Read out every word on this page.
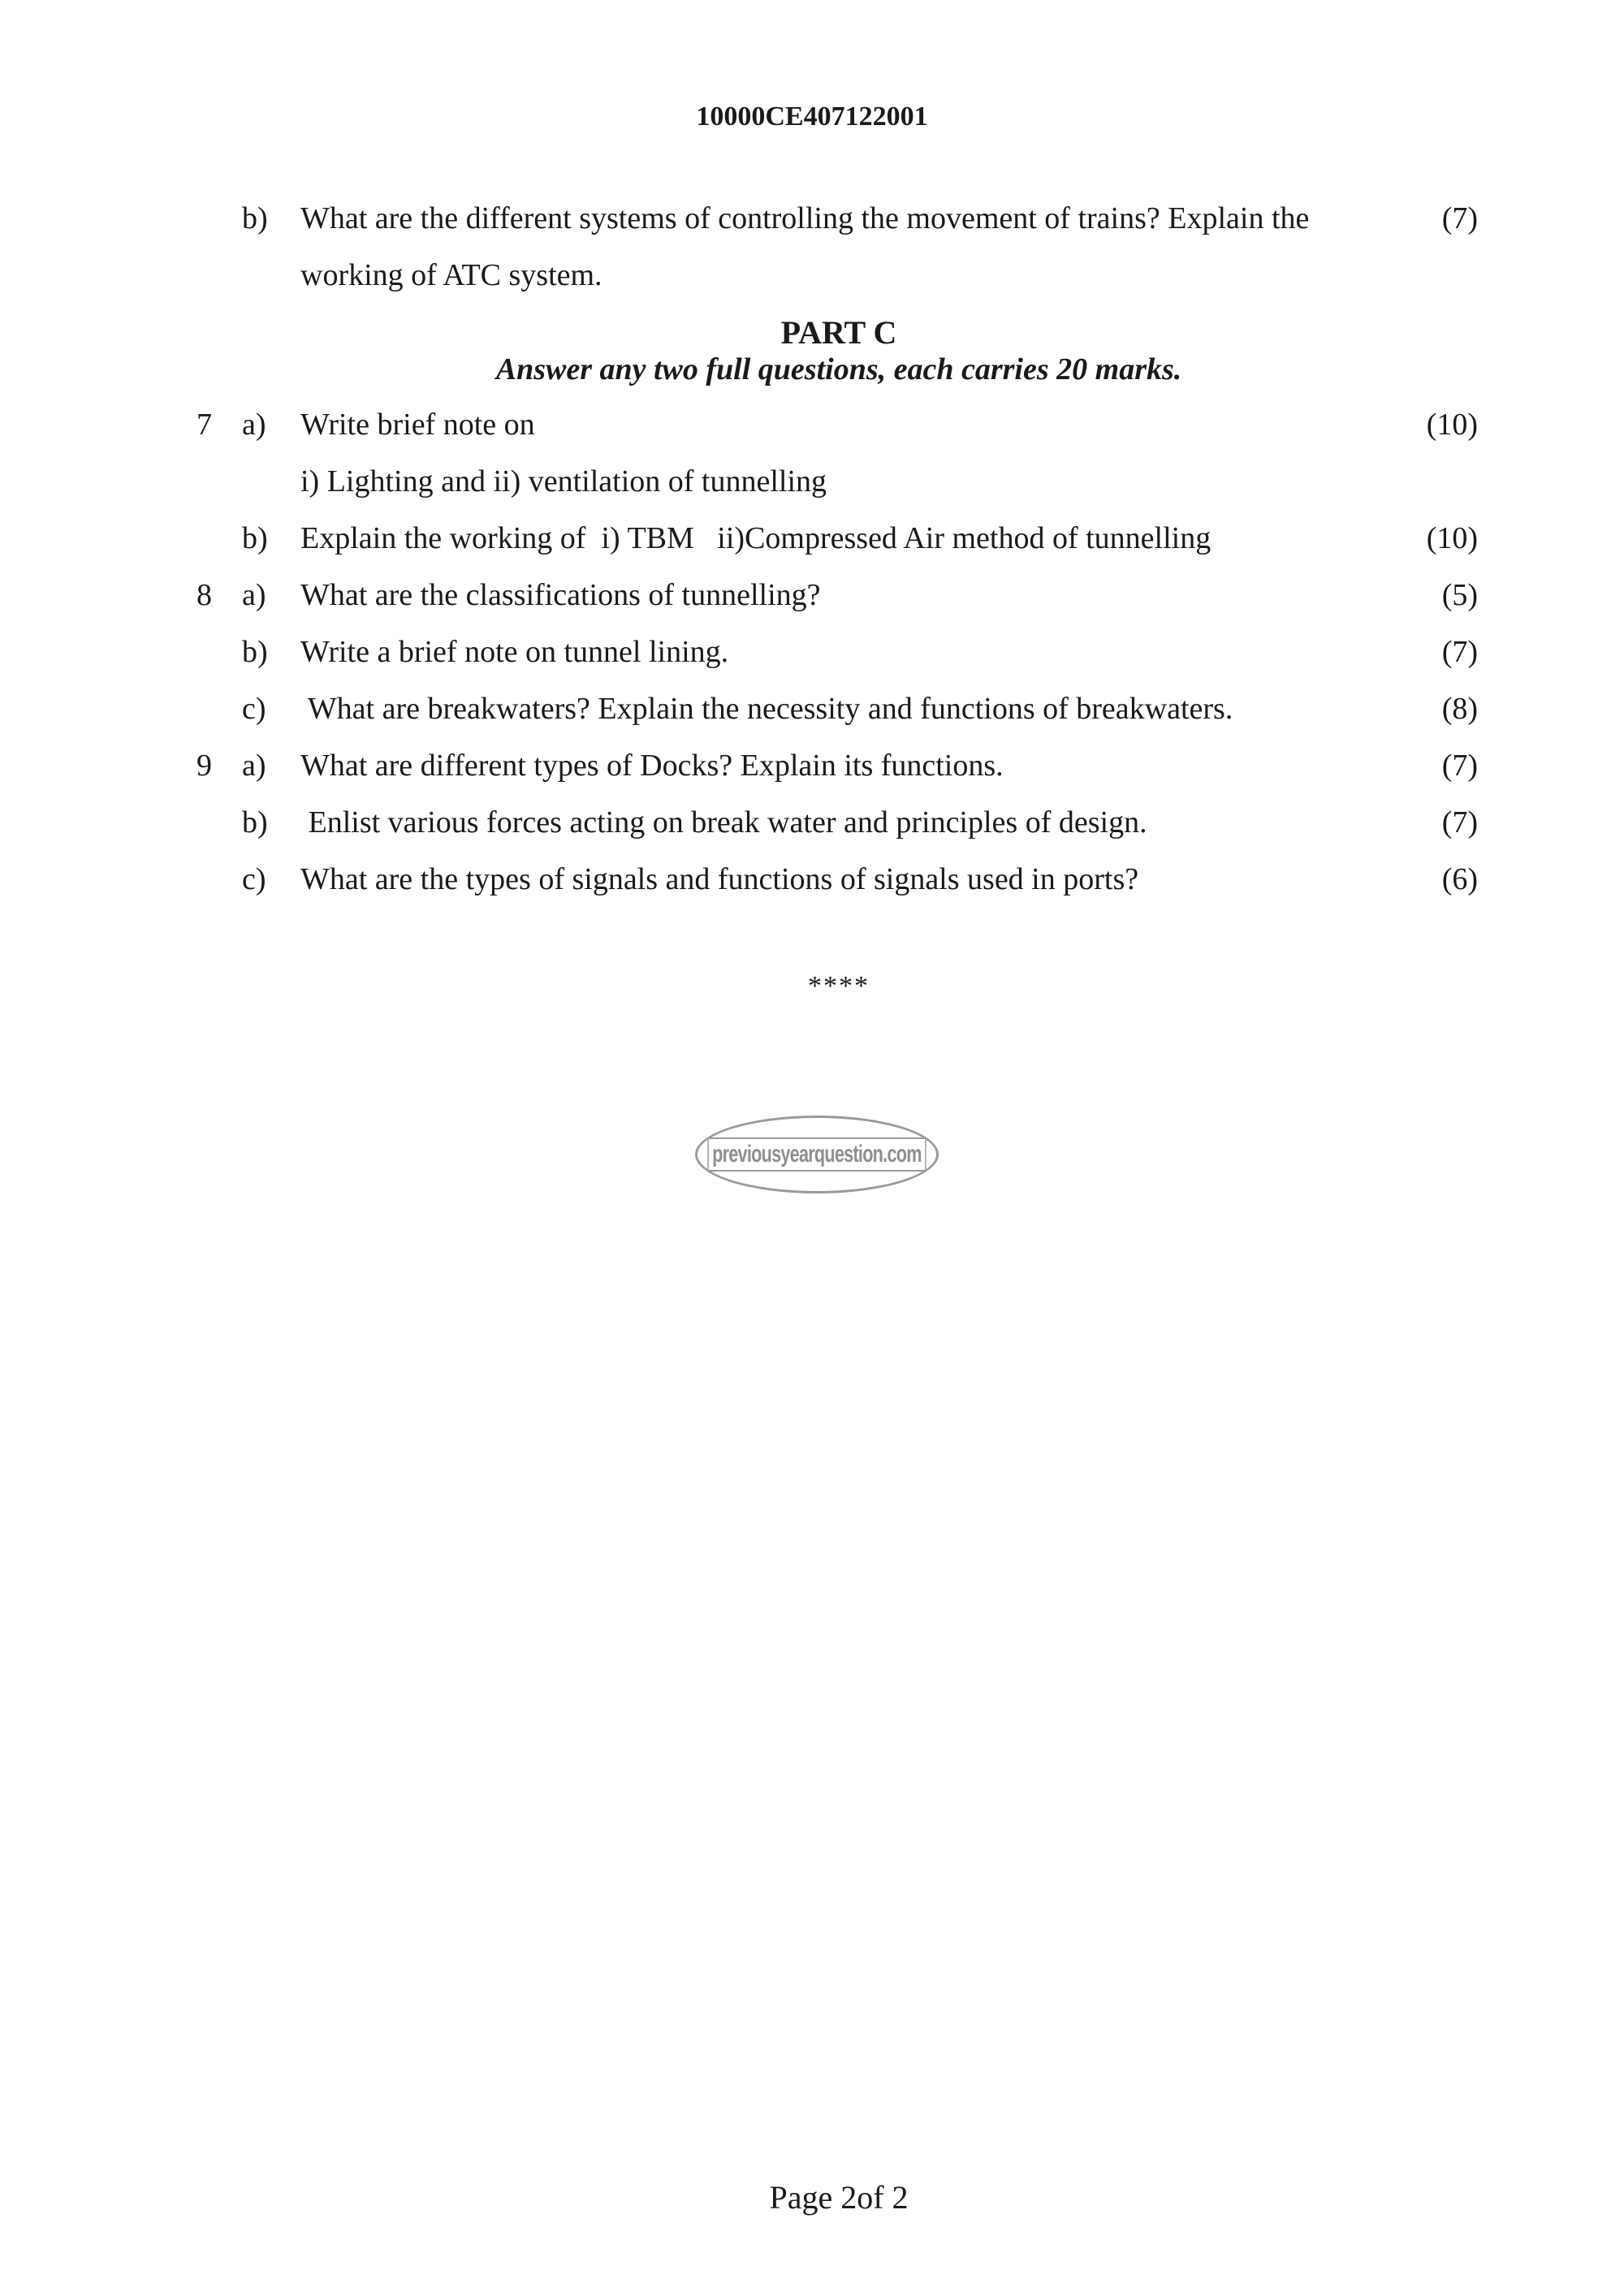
10000CE407122001
b) What are the different systems of controlling the movement of trains? Explain the	(7)
working of ATC system.
PART C
Answer any two full questions, each carries 20 marks.
7 a) Write brief note on	(10)
i) Lighting and ii) ventilation of tunnelling
b) Explain the working of  i) TBM   ii)Compressed Air method of tunnelling	(10)
8 a) What are the classifications of tunnelling?	(5)
b) Write a brief note on tunnel lining.	(7)
c) What are breakwaters? Explain the necessity and functions of breakwaters.	(8)
9 a) What are different types of Docks? Explain its functions.	(7)
b) Enlist various forces acting on break water and principles of design.	(7)
c) What are the types of signals and functions of signals used in ports?	(6)
****
previousyearquestion.com
Page 2of 2
